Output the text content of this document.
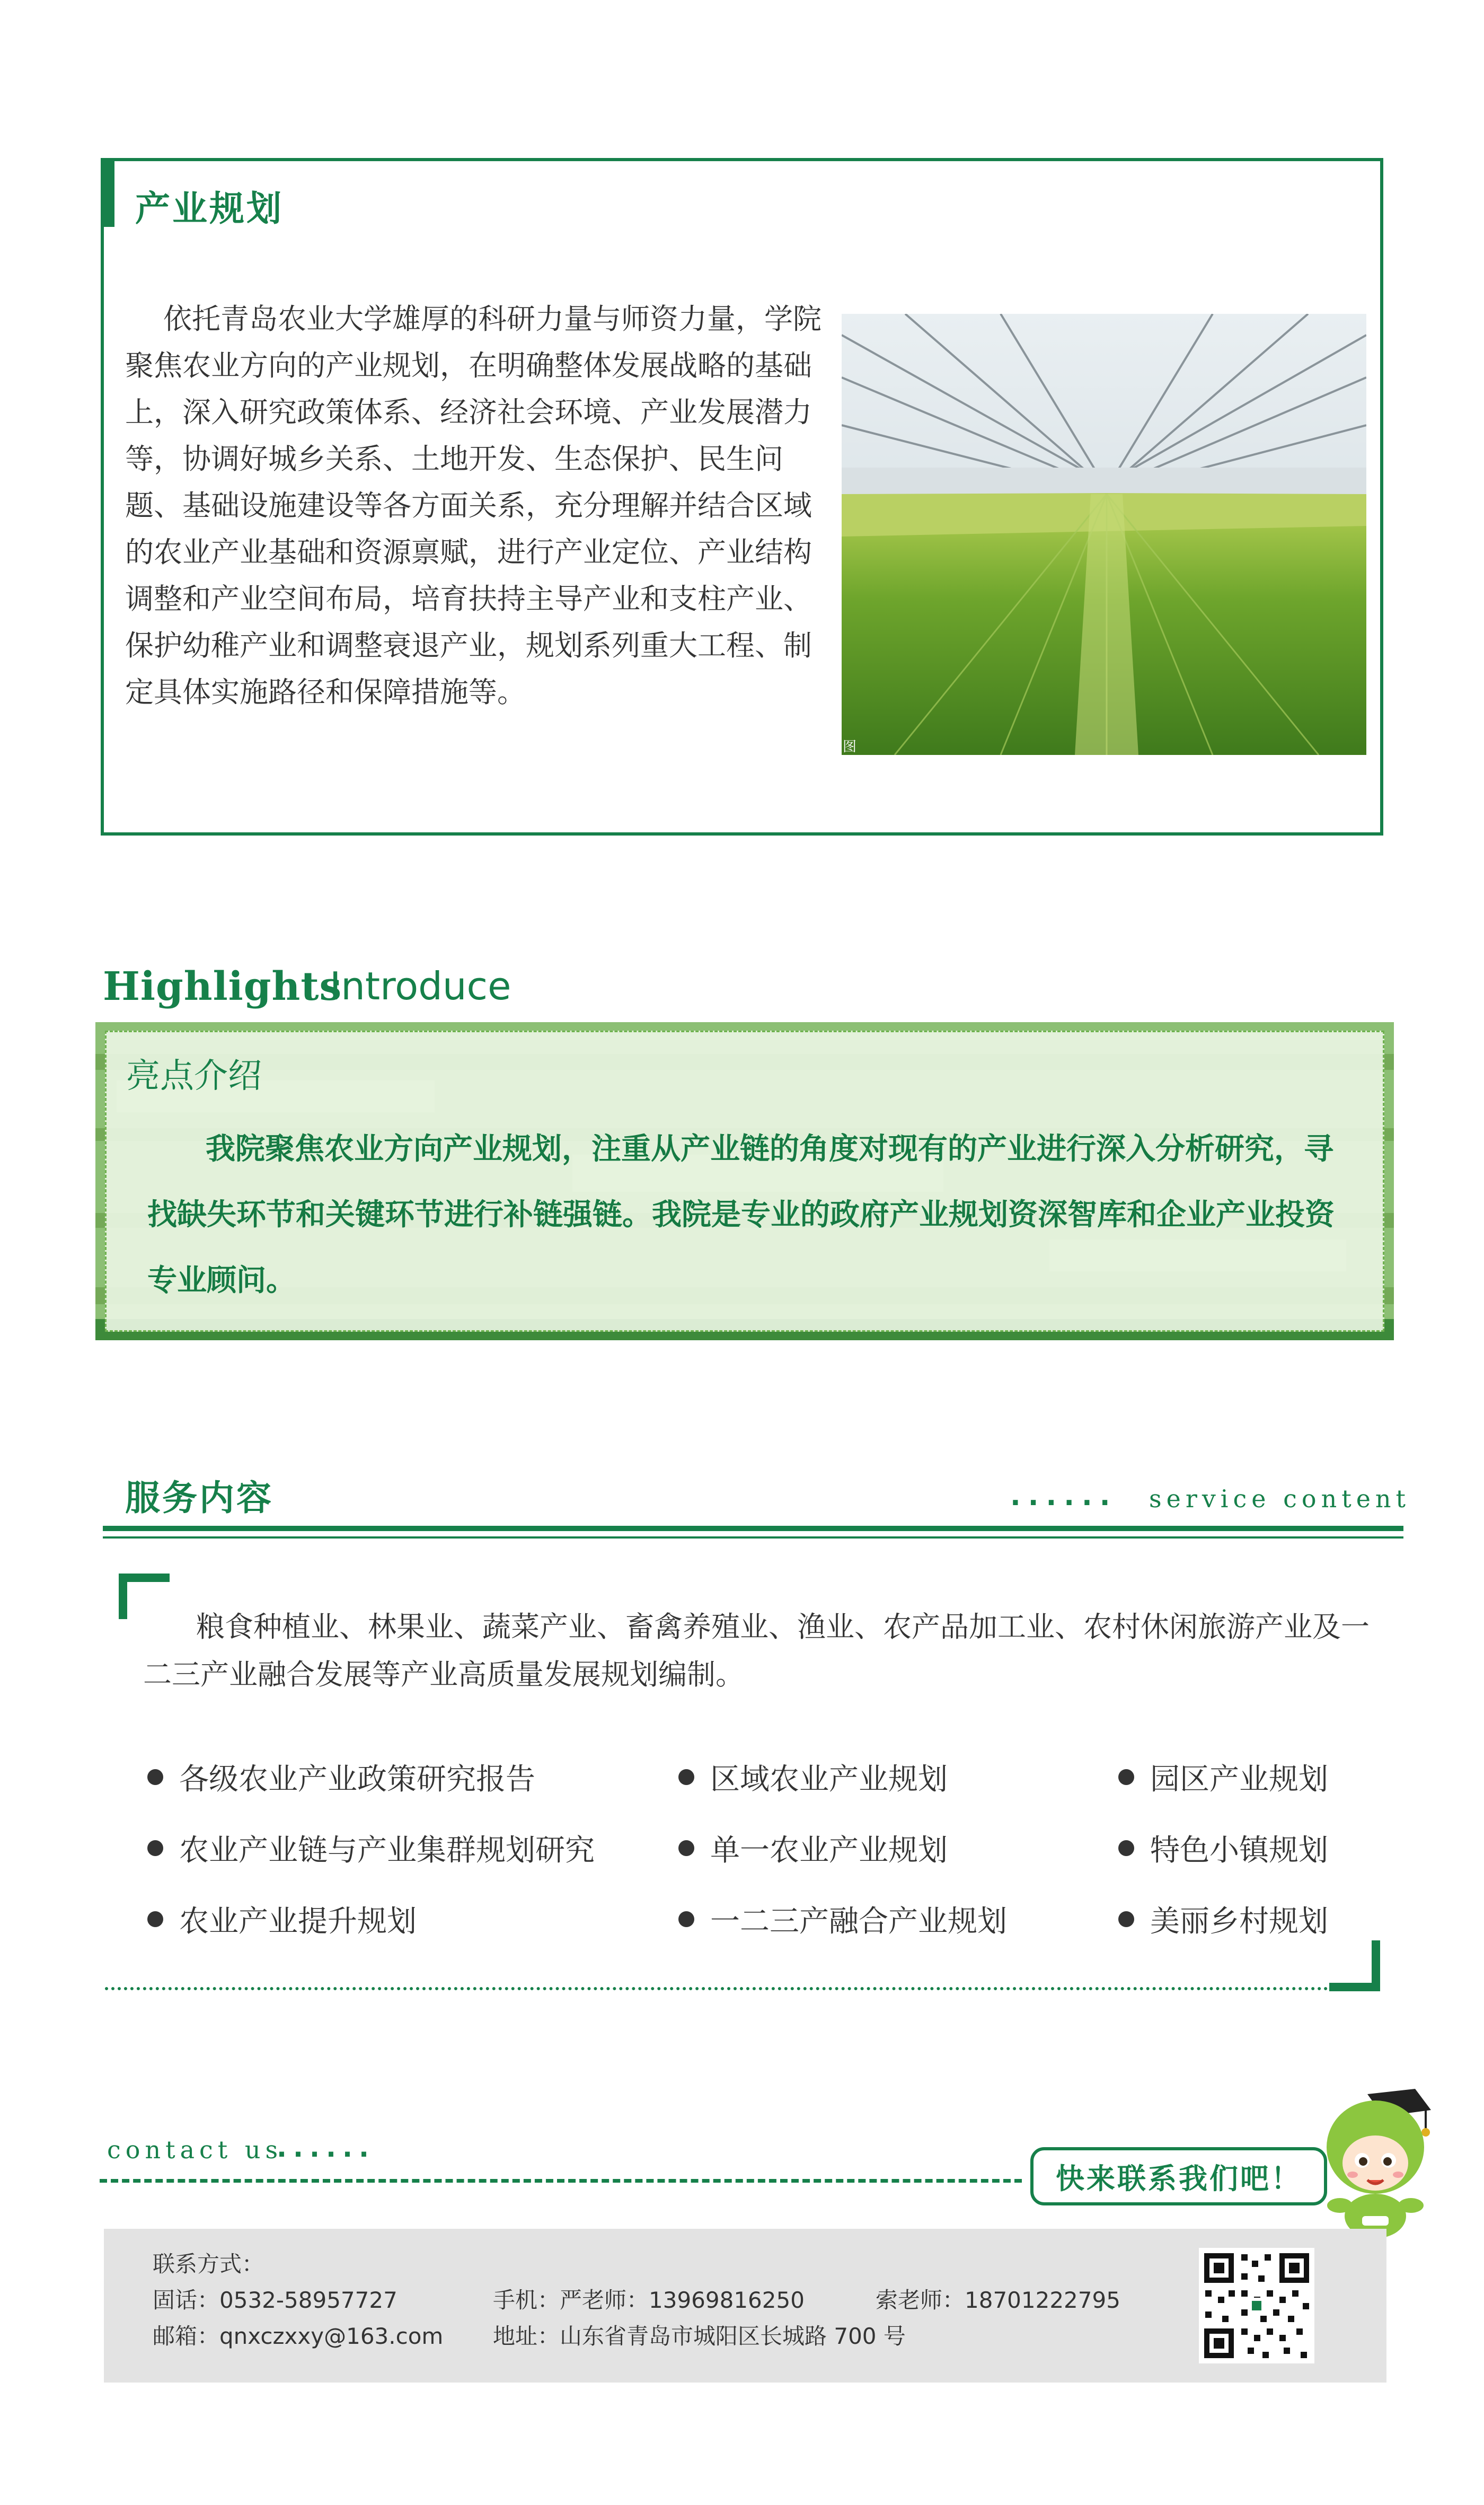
产业规划
依托青岛农业大学雄厚的科研力量与师资力量，学院聚焦农业方向的产业规划，在明确整体发展战略的基础上，深入研究政策体系、经济社会环境、产业发展潜力等，协调好城乡关系、土地开发、生态保护、民生问题、基础设施建设等各方面关系，充分理解并结合区域的农业产业基础和资源禀赋，进行产业定位、产业结构调整和产业空间布局，培育扶持主导产业和支柱产业、保护幼稚产业和调整衰退产业，规划系列重大工程、制定具体实施路径和保障措施等。
图
Highlights
Introduce
亮点介绍
我院聚焦农业方向产业规划，注重从产业链的角度对现有的产业进行深入分析研究，寻找缺失环节和关键环节进行补链强链。我院是专业的政府产业规划资深智库和企业产业投资专业顾问。
服务内容	...... service content
粮食种植业、林果业、蔬菜产业、畜禽养殖业、渔业、农产品加工业、农村休闲旅游产业及一二三产业融合发展等产业高质量发展规划编制。
各级农业产业政策研究报告	区域农业产业规划	园区产业规划
农业产业链与产业集群规划研究	单一农业产业规划	特色小镇规划
农业产业提升规划	一二三产融合产业规划	美丽乡村规划
contact us
......
快来联系我们吧！
联系方式：
固话：0532-58957727	手机：严老师：13969816250	索老师：18701222795
邮箱：qnxczxxy@163.com 地址：山东省青岛市城阳区长城路 700 号
